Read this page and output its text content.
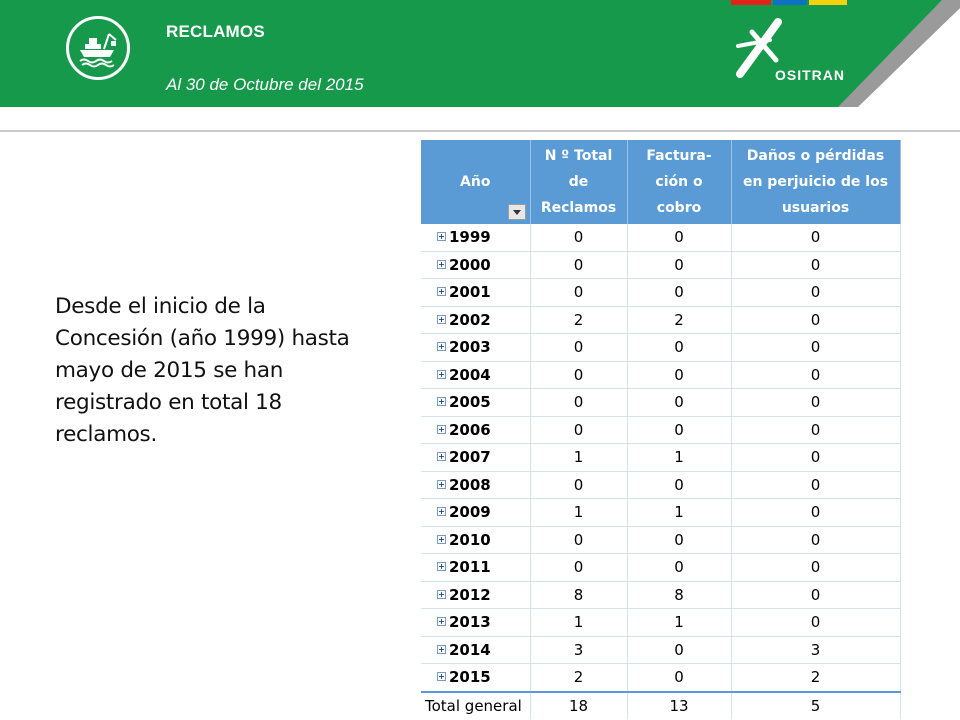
RECLAMOS
Al 30 de Octubre del 2015	OSITRAN
Desde el inicio de la Concesión (año 1999) hasta mayo de 2015 se han registrado en total 18 reclamos.
Año	N º Total de Reclamos	Factura-ción o cobro	Daños o pérdidas en perjuicio de los usuarios
1999	0	0	0
2000	0	0	0
2001	0	0	0
2002	2	2	0
2003	0	0	0
2004	0	0	0
2005	0	0	0
2006	0	0	0
2007	1	1	0
2008	0	0	0
2009	1	1	0
2010	0	0	0
2011	0	0	0
2012	8	8	0
2013	1	1	0
2014	3	0	3
2015	2	0	2
Total general	18	13	5
